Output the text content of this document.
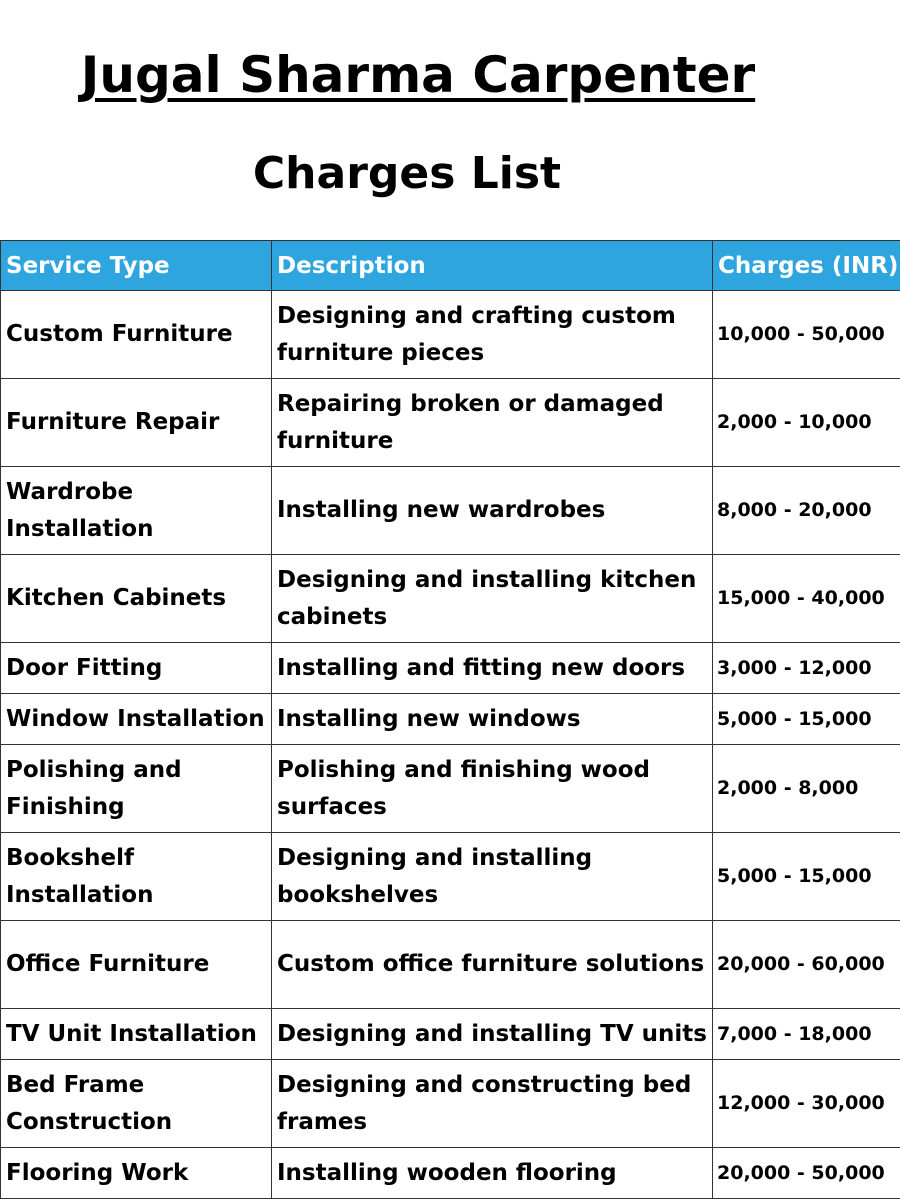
Jugal Sharma Carpenter
Charges List
Service Type	Description	Charges (INR)
Custom Furniture	Designing and crafting custom furniture pieces	10,000 - 50,000
Furniture Repair	Repairing broken or damaged furniture	2,000 - 10,000
Wardrobe Installation	Installing new wardrobes	8,000 - 20,000
Kitchen Cabinets	Designing and installing kitchen cabinets	15,000 - 40,000
Door Fitting	Installing and fitting new doors	3,000 - 12,000
Window Installation	Installing new windows	5,000 - 15,000
Polishing and Finishing	Polishing and finishing wood surfaces	2,000 - 8,000
Bookshelf Installation	Designing and installing bookshelves	5,000 - 15,000
Office Furniture	Custom office furniture solutions	20,000 - 60,000
TV Unit Installation	Designing and installing TV units	7,000 - 18,000
Bed Frame Construction	Designing and constructing bed frames	12,000 - 30,000
Flooring Work	Installing wooden flooring	20,000 - 50,000
